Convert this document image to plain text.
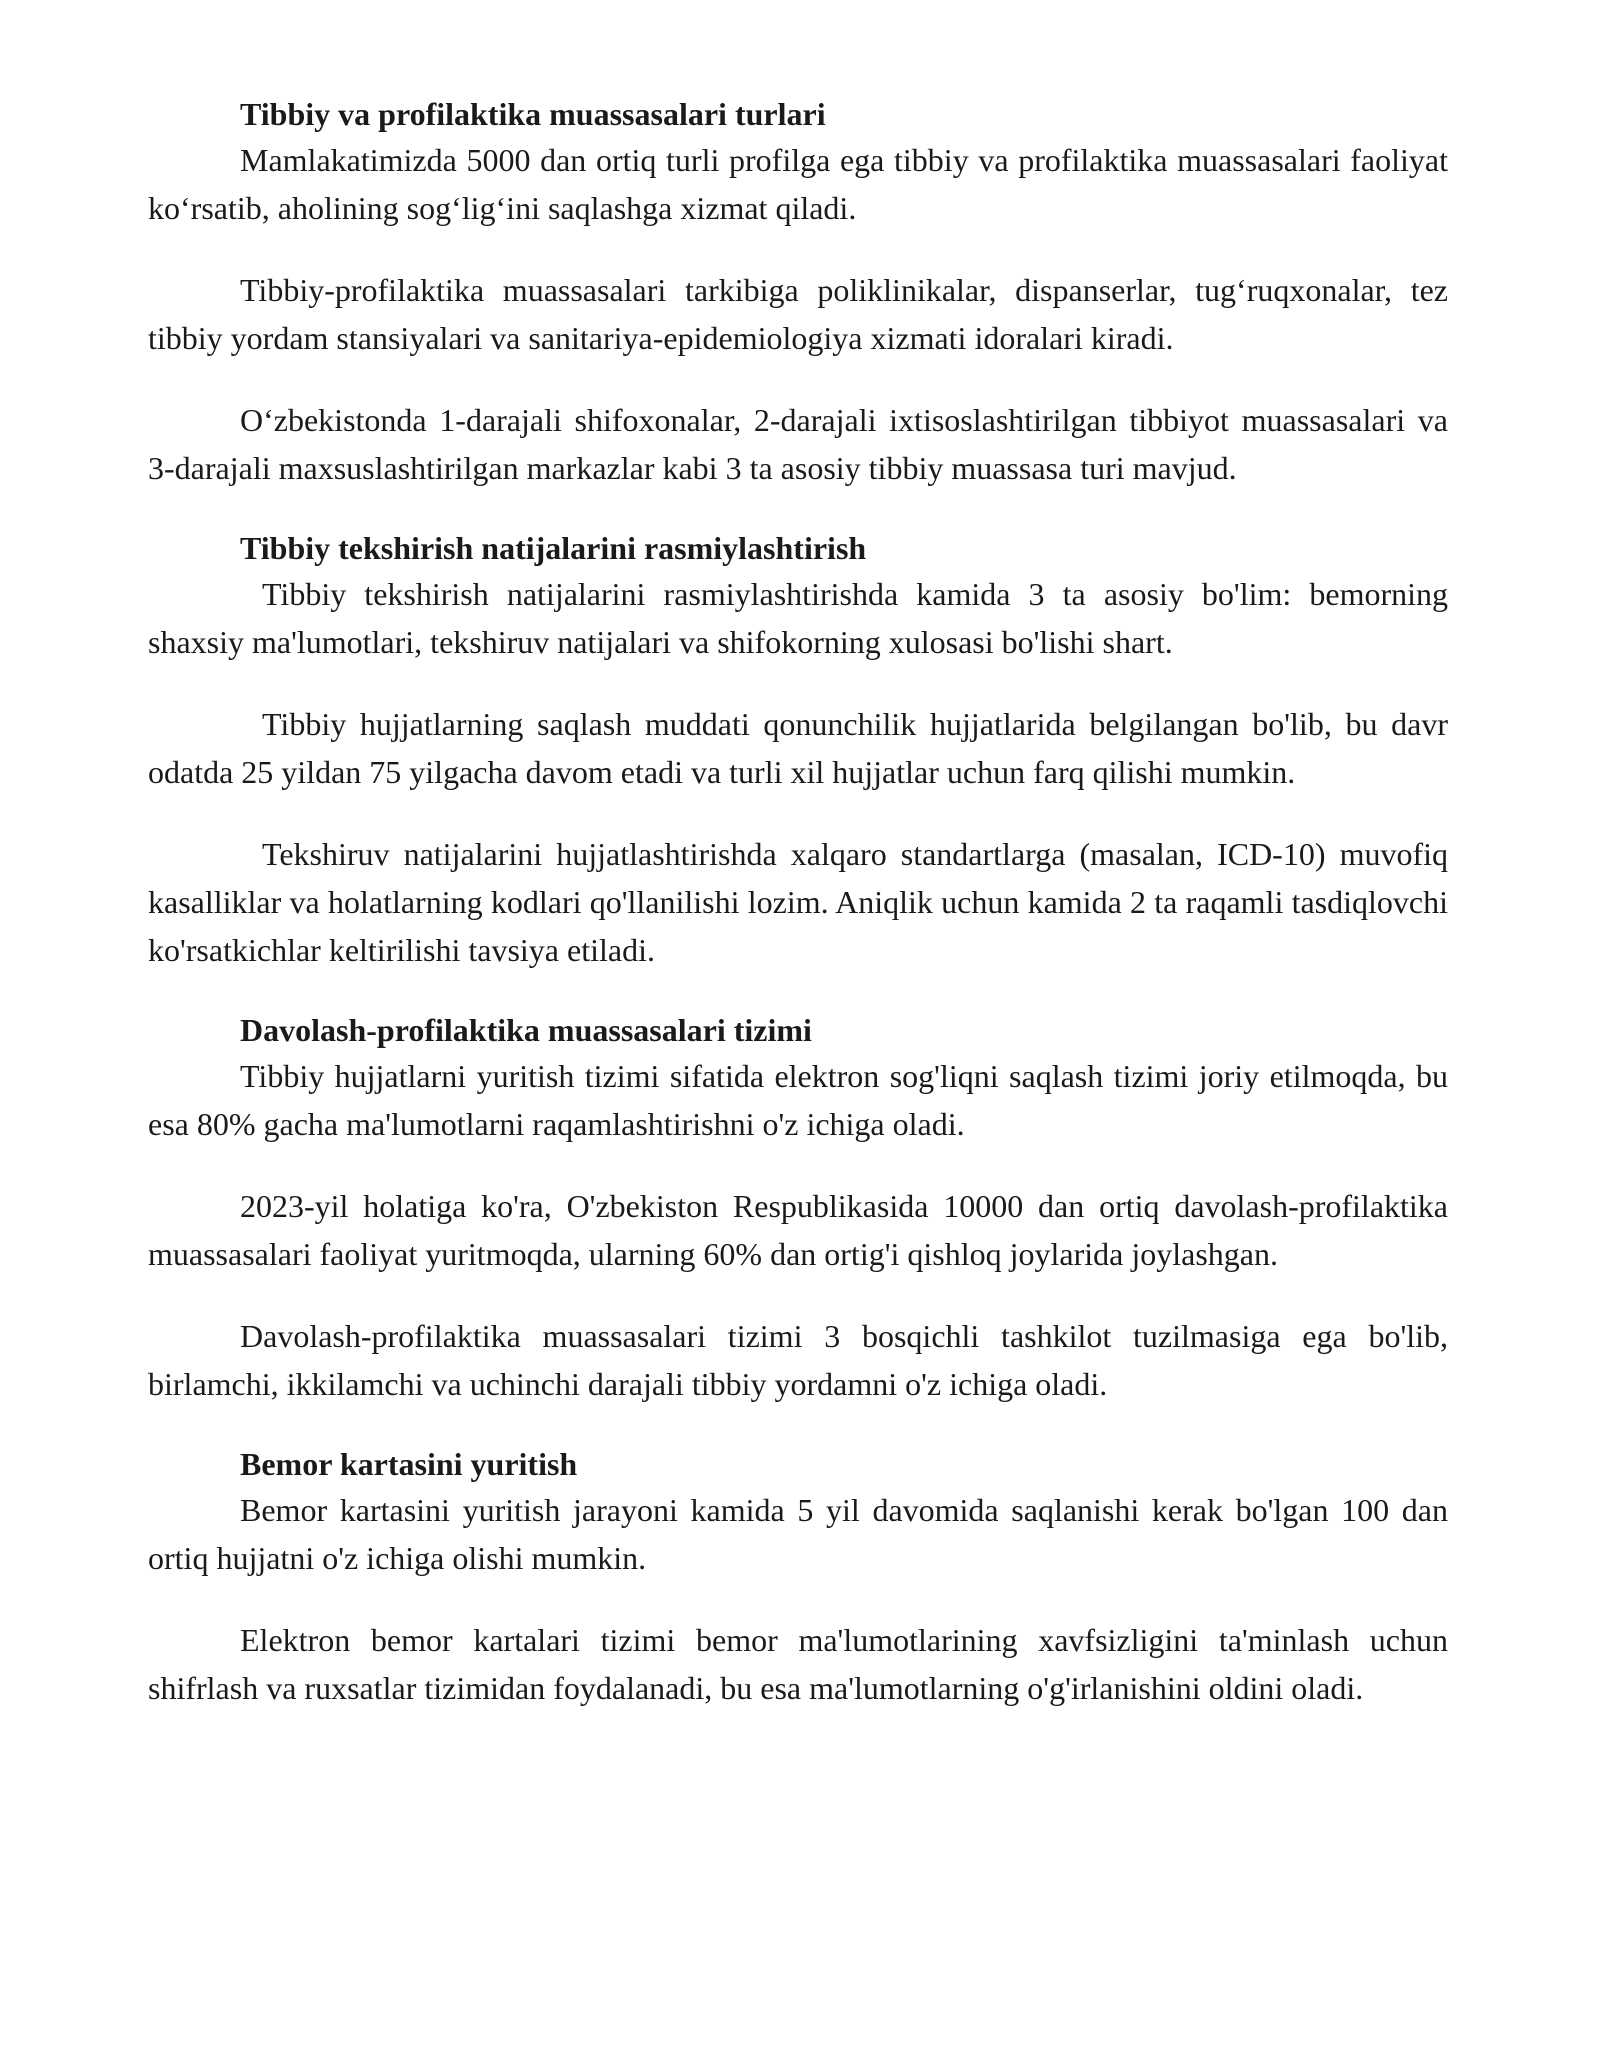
Tibbiy va profilaktika muassasalari turlari

Mamlakatimizda 5000 dan ortiq turli profilga ega tibbiy va profilaktika muassasalari faoliyat koʻrsatib, aholining sogʻligʻini saqlashga xizmat qiladi.

Tibbiy-profilaktika muassasalari tarkibiga poliklinikalar, dispanserlar, tugʻruqxonalar, tez tibbiy yordam stansiyalari va sanitariya-epidemiologiya xizmati idoralari kiradi.

Oʻzbekistonda 1-darajali shifoxonalar, 2-darajali ixtisoslashtirilgan tibbiyot muassasalari va 3-darajali maxsuslashtirilgan markazlar kabi 3 ta asosiy tibbiy muassasa turi mavjud.

Tibbiy tekshirish natijalarini rasmiylashtirish

Tibbiy tekshirish natijalarini rasmiylashtirishda kamida 3 ta asosiy bo'lim: bemorning shaxsiy ma'lumotlari, tekshiruv natijalari va shifokorning xulosasi bo'lishi shart.

Tibbiy hujjatlarning saqlash muddati qonunchilik hujjatlarida belgilangan bo'lib, bu davr odatda 25 yildan 75 yilgacha davom etadi va turli xil hujjatlar uchun farq qilishi mumkin.

Tekshiruv natijalarini hujjatlashtirishda xalqaro standartlarga (masalan, ICD-10) muvofiq kasalliklar va holatlarning kodlari qo'llanilishi lozim. Aniqlik uchun kamida 2 ta raqamli tasdiqlovchi ko'rsatkichlar keltirilishi tavsiya etiladi.

Davolash-profilaktika muassasalari tizimi

Tibbiy hujjatlarni yuritish tizimi sifatida elektron sog'liqni saqlash tizimi joriy etilmoqda, bu esa 80% gacha ma'lumotlarni raqamlashtirishni o'z ichiga oladi.

2023-yil holatiga ko'ra, O'zbekiston Respublikasida 10000 dan ortiq davolash-profilaktika muassasalari faoliyat yuritmoqda, ularning 60% dan ortig'i qishloq joylarida joylashgan.

Davolash-profilaktika muassasalari tizimi 3 bosqichli tashkilot tuzilmasiga ega bo'lib, birlamchi, ikkilamchi va uchinchi darajali tibbiy yordamni o'z ichiga oladi.

Bemor kartasini yuritish

Bemor kartasini yuritish jarayoni kamida 5 yil davomida saqlanishi kerak bo'lgan 100 dan ortiq hujjatni o'z ichiga olishi mumkin.

Elektron bemor kartalari tizimi bemor ma'lumotlarining xavfsizligini ta'minlash uchun shifrlash va ruxsatlar tizimidan foydalanadi, bu esa ma'lumotlarning o'g'irlanishini oldini oladi.
